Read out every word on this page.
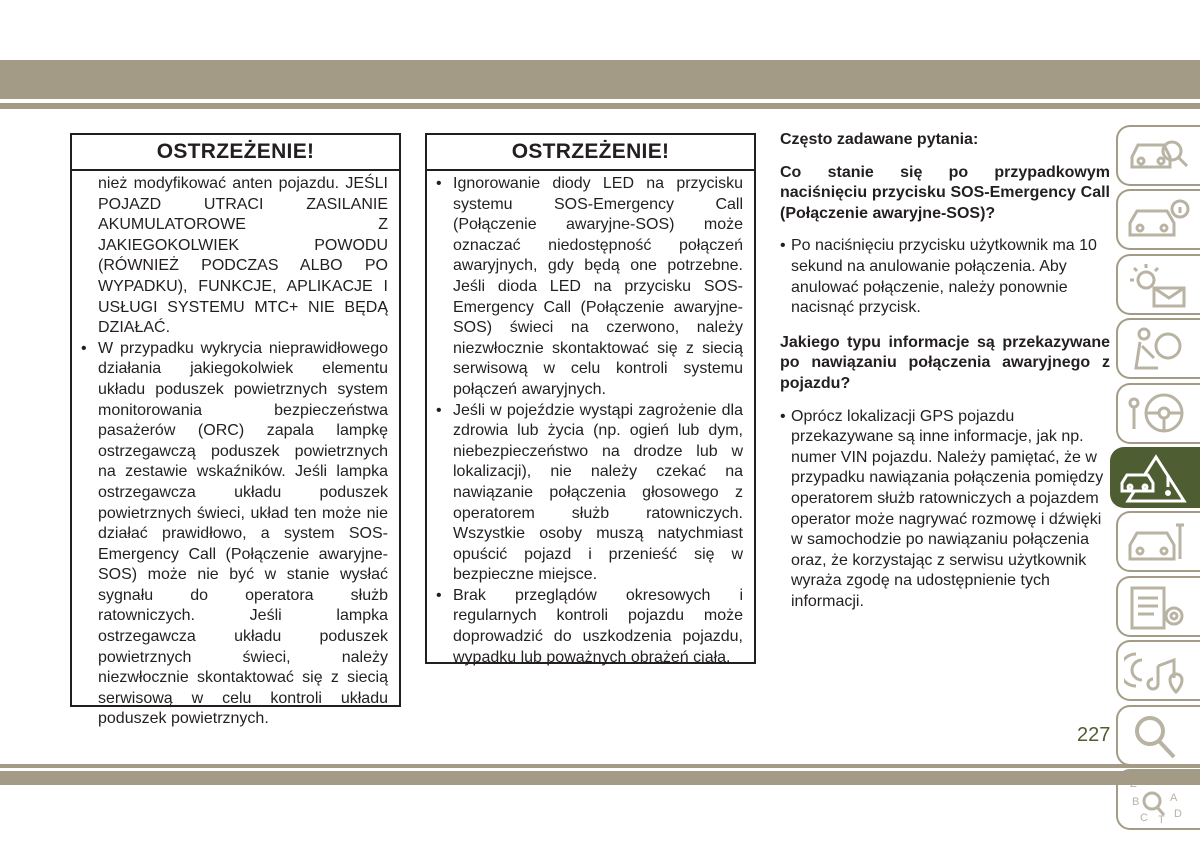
OSTRZEŻENIE!
nież modyfikować anten pojazdu. JEŚLI POJAZD UTRACI ZASILANIE AKUMULATOROWE Z JAKIEGOKOLWIEK POWODU (RÓWNIEŻ PODCZAS ALBO PO WYPADKU), FUNKCJE, APLIKACJE I USŁUGI SYSTEMU MTC+ NIE BĘDĄ DZIAŁAĆ.
• W przypadku wykrycia nieprawidłowego działania jakiegokolwiek elementu układu poduszek powietrznych system monitorowania bezpieczeństwa pasażerów (ORC) zapala lampkę ostrzegawczą poduszek powietrznych na zestawie wskaźników. Jeśli lampka ostrzegawcza układu poduszek powietrznych świeci, układ ten może nie działać prawidłowo, a system SOS-Emergency Call (Połączenie awaryjne-SOS) może nie być w stanie wysłać sygnału do operatora służb ratowniczych. Jeśli lampka ostrzegawcza układu poduszek powietrznych świeci, należy niezwłocznie skontaktować się z siecią serwisową w celu kontroli układu poduszek powietrznych.
OSTRZEŻENIE!
• Ignorowanie diody LED na przycisku systemu SOS-Emergency Call (Połączenie awaryjne-SOS) może oznaczać niedostępność połączeń awaryjnych, gdy będą one potrzebne. Jeśli dioda LED na przycisku SOS-Emergency Call (Połączenie awaryjne-SOS) świeci na czerwono, należy niezwłocznie skontaktować się z siecią serwisową w celu kontroli systemu połączeń awaryjnych.
• Jeśli w pojeździe wystąpi zagrożenie dla zdrowia lub życia (np. ogień lub dym, niebezpieczeństwo na drodze lub w lokalizacji), nie należy czekać na nawiązanie połączenia głosowego z operatorem służb ratowniczych. Wszystkie osoby muszą natychmiast opuścić pojazd i przenieść się w bezpieczne miejsce.
• Brak przeglądów okresowych i regularnych kontroli pojazdu może doprowadzić do uszkodzenia pojazdu, wypadku lub poważnych obrażeń ciała.

Często zadawane pytania:

Co stanie się po przypadkowym naciśnięciu przycisku SOS-Emergency Call (Połączenie awaryjne-SOS)?

• Po naciśnięciu przycisku użytkownik ma 10 sekund na anulowanie połączenia. Aby anulować połączenie, należy ponownie nacisnąć przycisk.

Jakiego typu informacje są przekazywane po nawiązaniu połączenia awaryjnego z pojazdu?

• Oprócz lokalizacji GPS pojazdu przekazywane są inne informacje, jak np. numer VIN pojazdu. Należy pamiętać, że w przypadku nawiązania połączenia pomiędzy operatorem służb ratowniczych a pojazdem operator może nagrywać rozmowę i dźwięki w samochodzie po nawiązaniu połączenia oraz, że korzystając z serwisu użytkownik wyraża zgodę na udostępnienie tych informacji.
B	A
C T D
227
